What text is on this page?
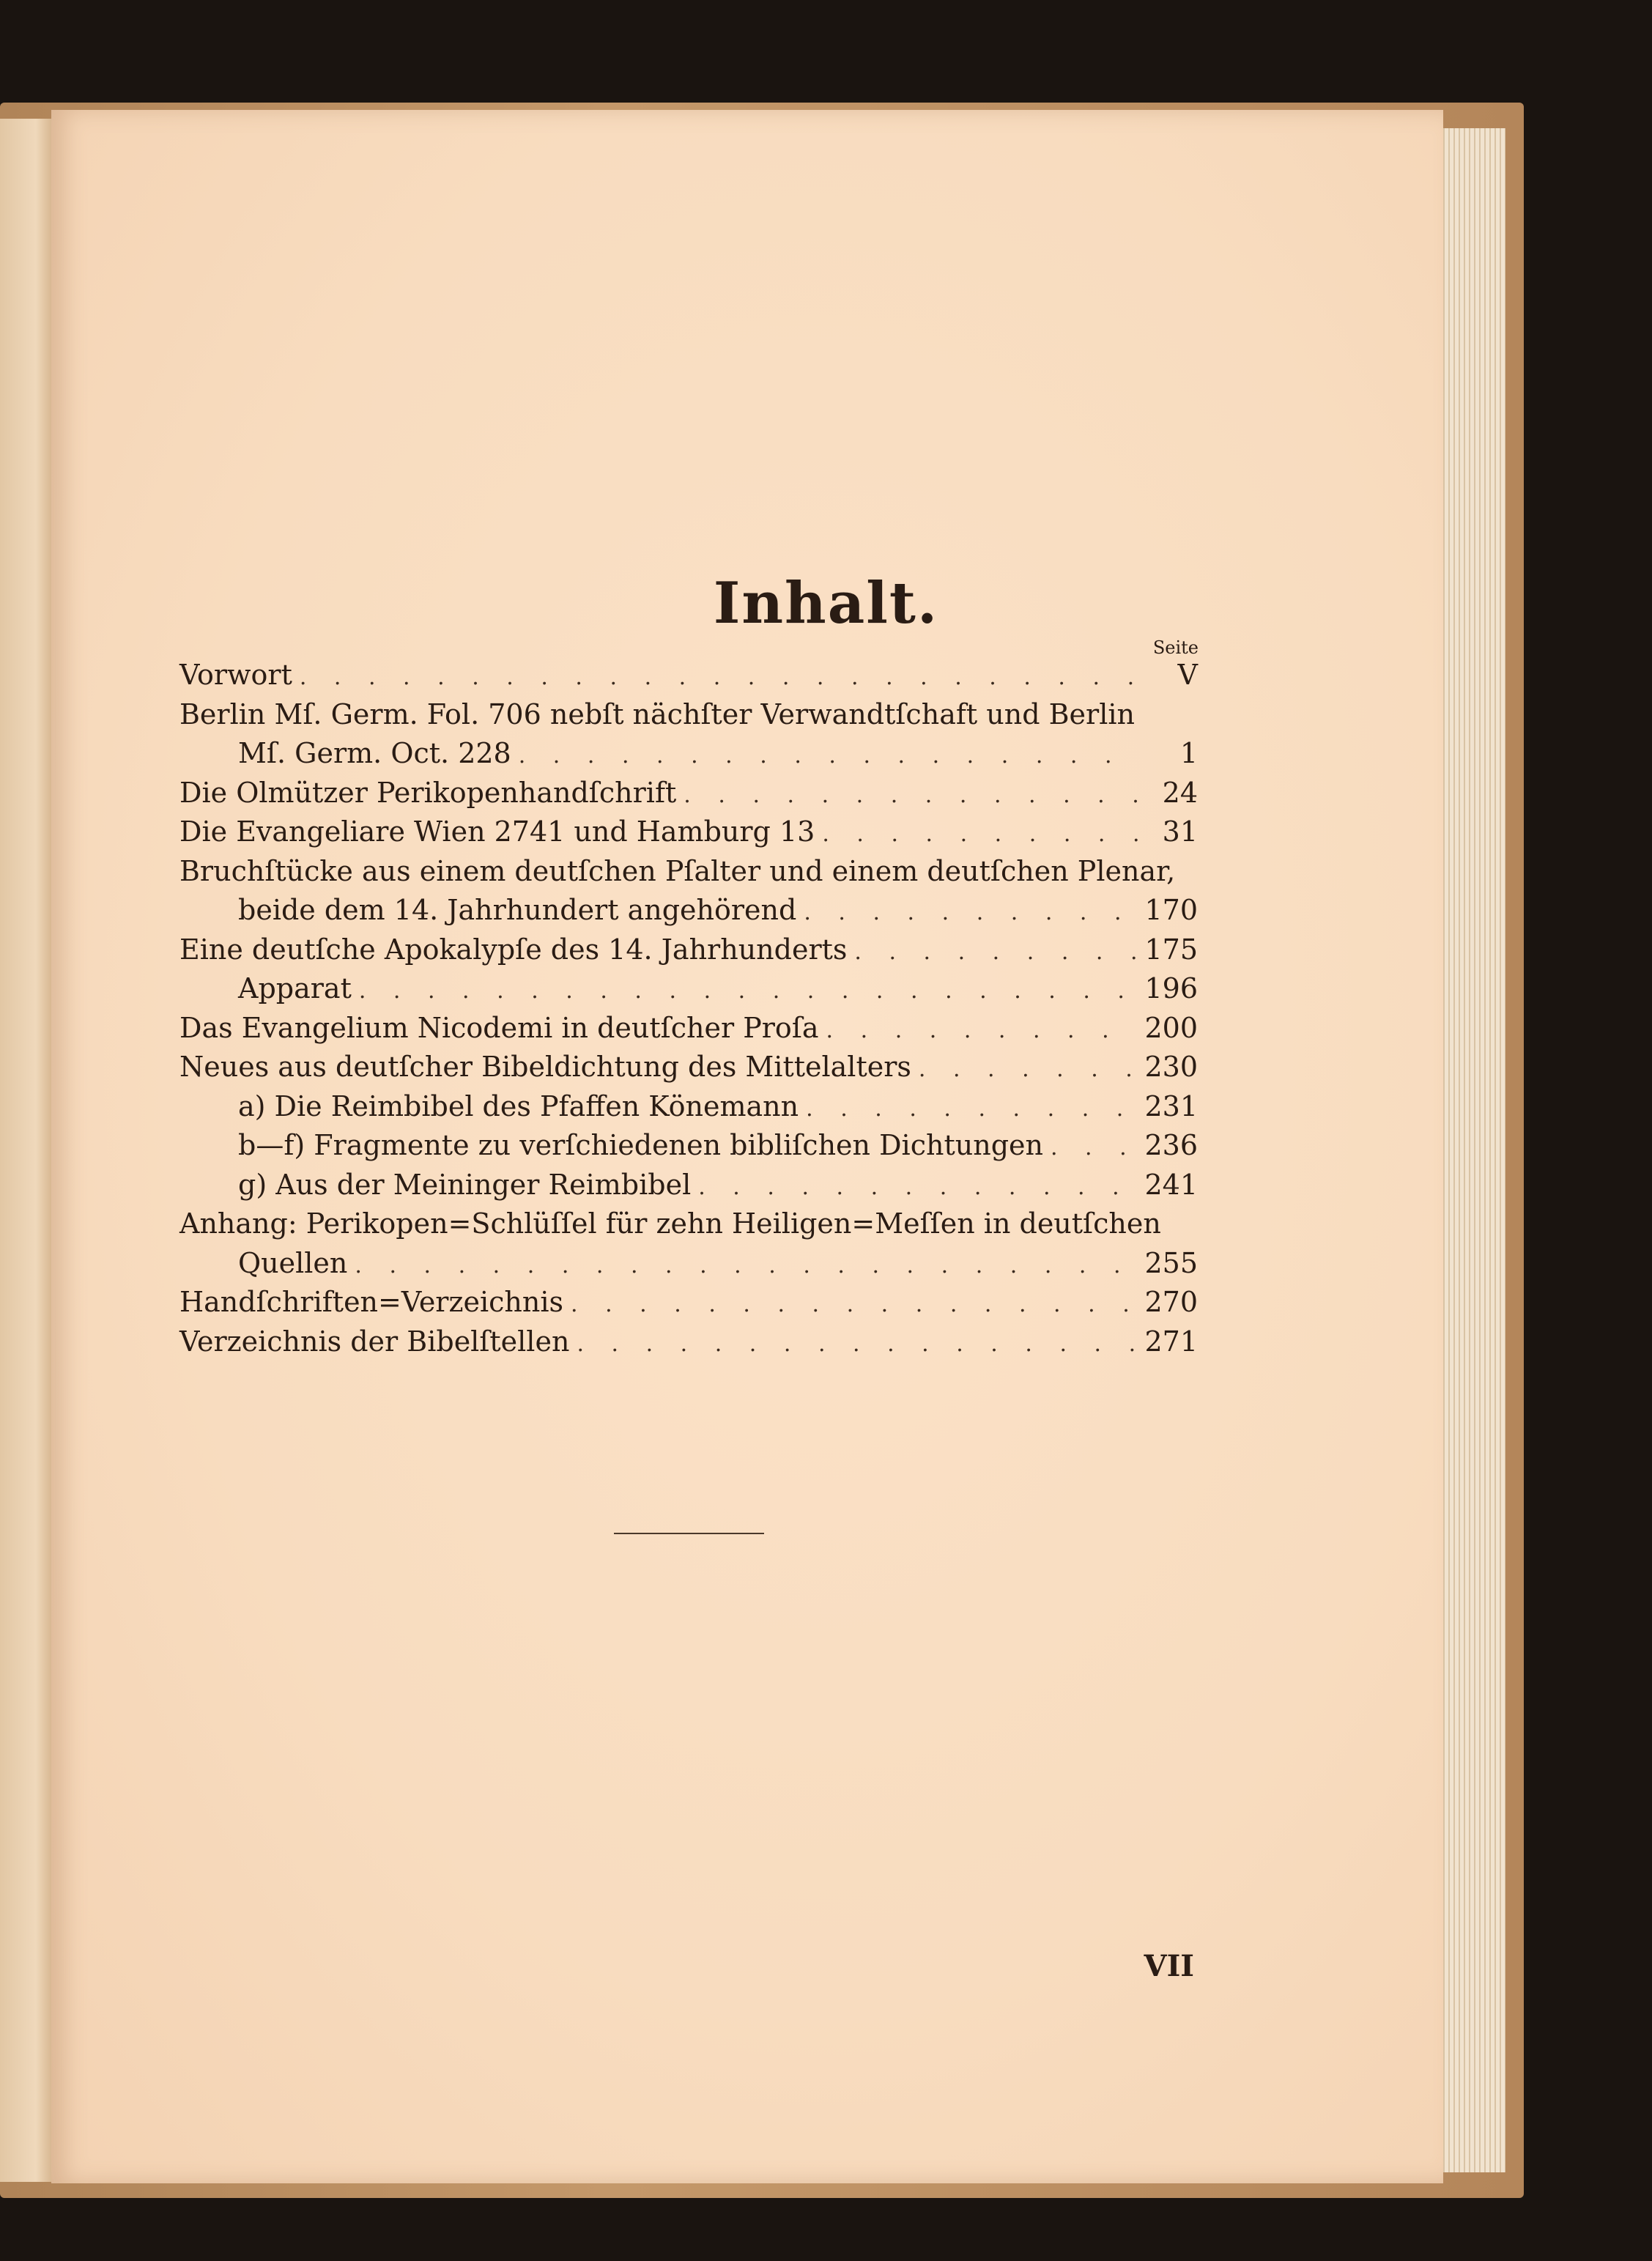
Inhalt.
Seite
Vorwort . . .	V
Berlin Mſ. Germ. Fol. 706 nebſt nächſter Verwandtſchaft und Berlin
Mſ. Germ. Oct. 228 . . .	1
Die Olmützer Perikopenhandſchrift . . .	24
Die Evangeliare Wien 2741 und Hamburg 13 . . .	31
Bruchſtücke aus einem deutſchen Pſalter und einem deutſchen Plenar,
beide dem 14. Jahrhundert angehörend . . .	170
Eine deutſche Apokalypſe des 14. Jahrhunderts . . .	175
Apparat . . .	196
Das Evangelium Nicodemi in deutſcher Proſa . . .	200
Neues aus deutſcher Bibeldichtung des Mittelalters . . .	230
a) Die Reimbibel des Pfaffen Könemann . . .	231
b—f) Fragmente zu verſchiedenen bibliſchen Dichtungen . . .	236
g) Aus der Meininger Reimbibel . . .	241
Anhang: Perikopen=Schlüſſel für zehn Heiligen=Meſſen in deutſchen
Quellen . . .	255
Handſchriften=Verzeichnis . . .	270
Verzeichnis der Bibelſtellen . . .	271
VII
